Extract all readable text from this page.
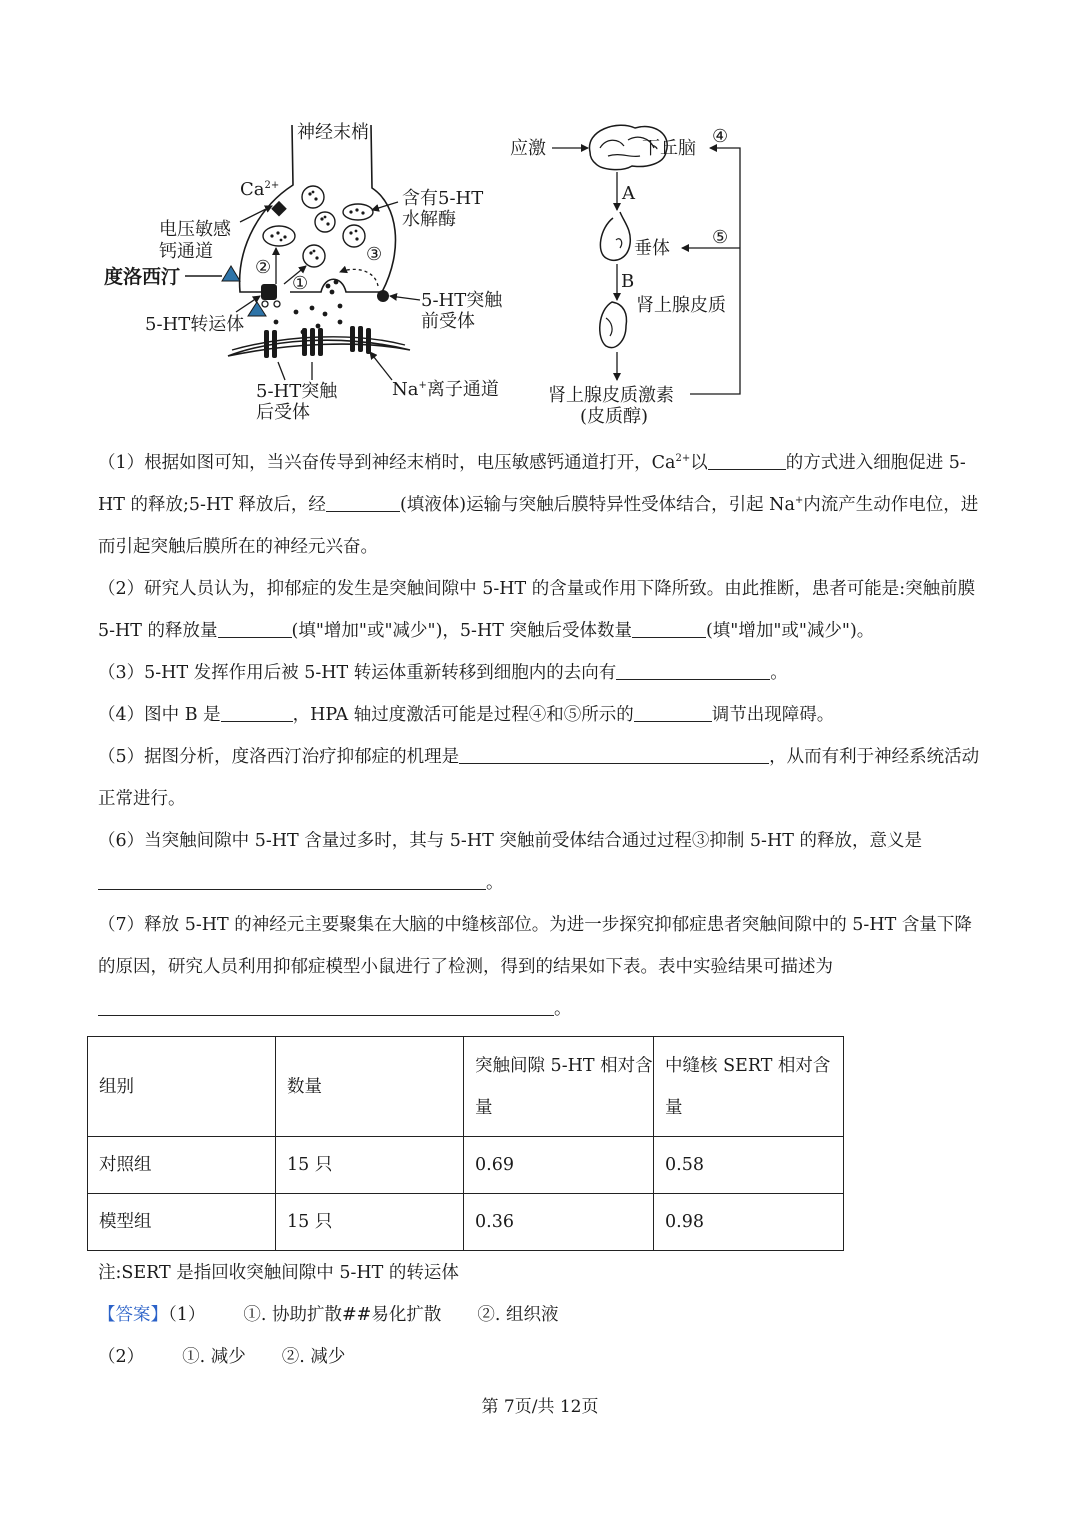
神经末梢
$Ca^{2+}$
含有5-HT
水解酶
电压敏感
钙通道
度洛西汀	②
①
③
5-HT突触
前受体
5-HT转运体
5-HT突触
后受体
Na+离子通道
应激	下丘脑
④
A
垂体
⑤
B
肾上腺皮质
肾上腺皮质激素
(皮质醇)

（1）根据如图可知，当兴奋传导到神经末梢时，电压敏感钙通道打开，$Ca^{2+}$以	的方式进入细胞促进 5-HT 的释放;5-HT 释放后，经	(填液体)运输与突触后膜特异性受体结合，引起 Na+内流产生动作电位，进而引起突触后膜所在的神经元兴奋。

（2）研究人员认为，抑郁症的发生是突触间隙中 5-HT 的含量或作用下降所致。由此推断，患者可能是:突触前膜 5-HT 的释放量	(填"增加"或"减少")，5-HT 突触后受体数量	(填"增加"或"减少")。

（3）5-HT 发挥作用后被 5-HT 转运体重新转移到细胞内的去向有	。

（4）图中 B 是	，HPA 轴过度激活可能是过程④和⑤所示的	调节出现障碍。

（5）据图分析，度洛西汀治疗抑郁症的机理是	，从而有利于神经系统活动正常进行。

（6）当突触间隙中 5-HT 含量过多时，其与 5-HT 突触前受体结合通过过程③抑制 5-HT 的释放，意义是
。

（7）释放 5-HT 的神经元主要聚集在大脑的中缝核部位。为进一步探究抑郁症患者突触间隙中的 5-HT 含量下降的原因，研究人员利用抑郁症模型小鼠进行了检测，得到的结果如下表。表中实验结果可描述为
。

组别	数量	突触间隙 5-HT 相对含量	中缝核 SERT 相对含量
对照组	15 只	0.69	0.58
模型组	15 只	0.36	0.98
注:SERT 是指回收突触间隙中 5-HT 的转运体

【答案】（1） ①. 协助扩散##易化扩散 ②. 组织液

（2） ①. 减少 ②. 减少

第 7页/共 12页
